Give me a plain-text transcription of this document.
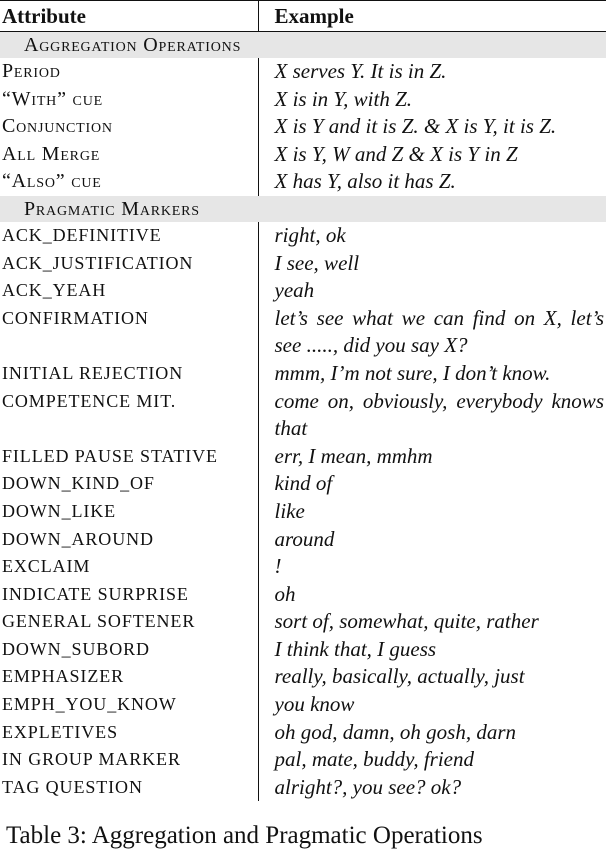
Attribute	Example
Aggregation Operations	
Period	X serves Y. It is in Z.
“With” cue	X is in Y, with Z.
Conjunction	X is Y and it is Z. & X is Y, it is Z.
All Merge	X is Y, W and Z & X is Y in Z
“Also” cue	X has Y, also it has Z.
Pragmatic Markers	
ACK_DEFINITIVE	right, ok
ACK_JUSTIFICATION	I see, well
ACK_YEAH	yeah
CONFIRMATION	let’s see what we can find on X, let’s see ....., did you say X?
INITIAL REJECTION	mmm, I’m not sure, I don’t know.
COMPETENCE MIT.	come on, obviously, everybody knows that
FILLED PAUSE STATIVE	err, I mean, mmhm
DOWN_KIND_OF	kind of
DOWN_LIKE	like
DOWN_AROUND	around
EXCLAIM	!
INDICATE SURPRISE	oh
GENERAL SOFTENER	sort of, somewhat, quite, rather
DOWN_SUBORD	I think that, I guess
EMPHASIZER	really, basically, actually, just
EMPH_YOU_KNOW	you know
EXPLETIVES	oh god, damn, oh gosh, darn
IN GROUP MARKER	pal, mate, buddy, friend
TAG QUESTION	alright?, you see? ok?
Table 3: Aggregation and Pragmatic Operations
